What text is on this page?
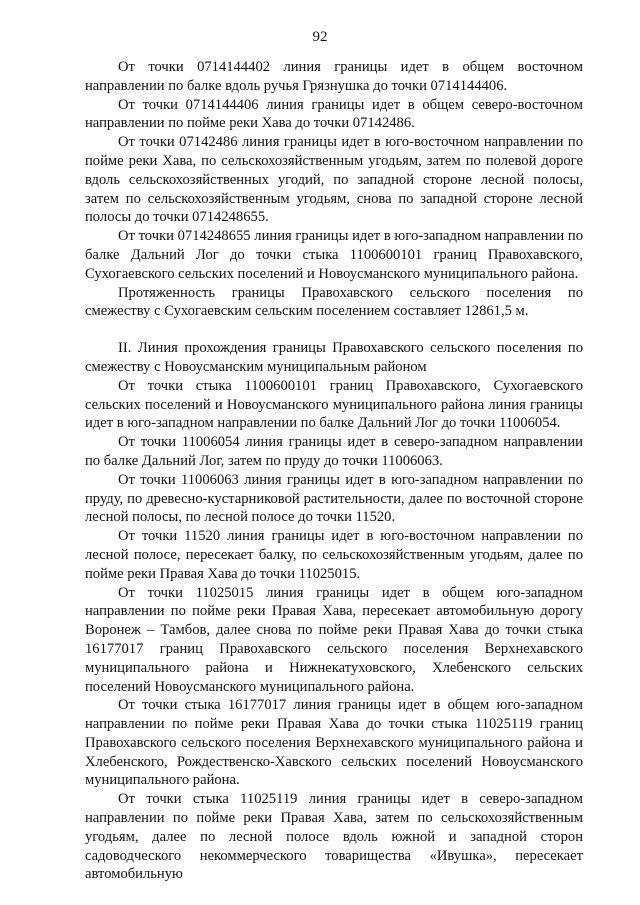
92

От точки 0714144402 линия границы идет в общем восточном направлении по балке вдоль ручья Грязнушка до точки 0714144406.

От точки 0714144406 линия границы идет в общем северо-восточном направлении по пойме реки Хава до точки 07142486.

От точки 07142486 линия границы идет в юго-восточном направлении по пойме реки Хава, по сельскохозяйственным угодьям, затем по полевой дороге вдоль сельскохозяйственных угодий, по западной стороне лесной полосы, затем по сельскохозяйственным угодьям, снова по западной стороне лесной полосы до точки 0714248655.

От точки 0714248655 линия границы идет в юго-западном направлении по балке Дальний Лог до точки стыка 1100600101 границ Правохавского, Сухогаевского сельских поселений и Новоусманского муниципального района.

Протяженность границы Правохавского сельского поселения по смежеству с Сухогаевским сельским поселением составляет 12861,5 м.

II. Линия прохождения границы Правохавского сельского поселения по смежеству с Новоусманским муниципальным районом

От точки стыка 1100600101 границ Правохавского, Сухогаевского сельских поселений и Новоусманского муниципального района линия границы идет в юго-западном направлении по балке Дальний Лог до точки 11006054.

От точки 11006054 линия границы идет в северо-западном направлении по балке Дальний Лог, затем по пруду до точки 11006063.

От точки 11006063 линия границы идет в юго-западном направлении по пруду, по древесно-кустарниковой растительности, далее по восточной стороне лесной полосы, по лесной полосе до точки 11520.

От точки 11520 линия границы идет в юго-восточном направлении по лесной полосе, пересекает балку, по сельскохозяйственным угодьям, далее по пойме реки Правая Хава до точки 11025015.

От точки 11025015 линия границы идет в общем юго-западном направлении по пойме реки Правая Хава, пересекает автомобильную дорогу Воронеж – Тамбов, далее снова по пойме реки Правая Хава до точки стыка 16177017 границ Правохавского сельского поселения Верхнехавского муниципального района и Нижнекатуховского, Хлебенского сельских поселений Новоусманского муниципального района.

От точки стыка 16177017 линия границы идет в общем юго-западном направлении по пойме реки Правая Хава до точки стыка 11025119 границ Правохавского сельского поселения Верхнехавского муниципального района и Хлебенского, Рождественско-Хавского сельских поселений Новоусманского муниципального района.

От точки стыка 11025119 линия границы идет в северо-западном направлении по пойме реки Правая Хава, затем по сельскохозяйственным угодьям, далее по лесной полосе вдоль южной и западной сторон садоводческого некоммерческого товарищества «Ивушка», пересекает автомобильную
